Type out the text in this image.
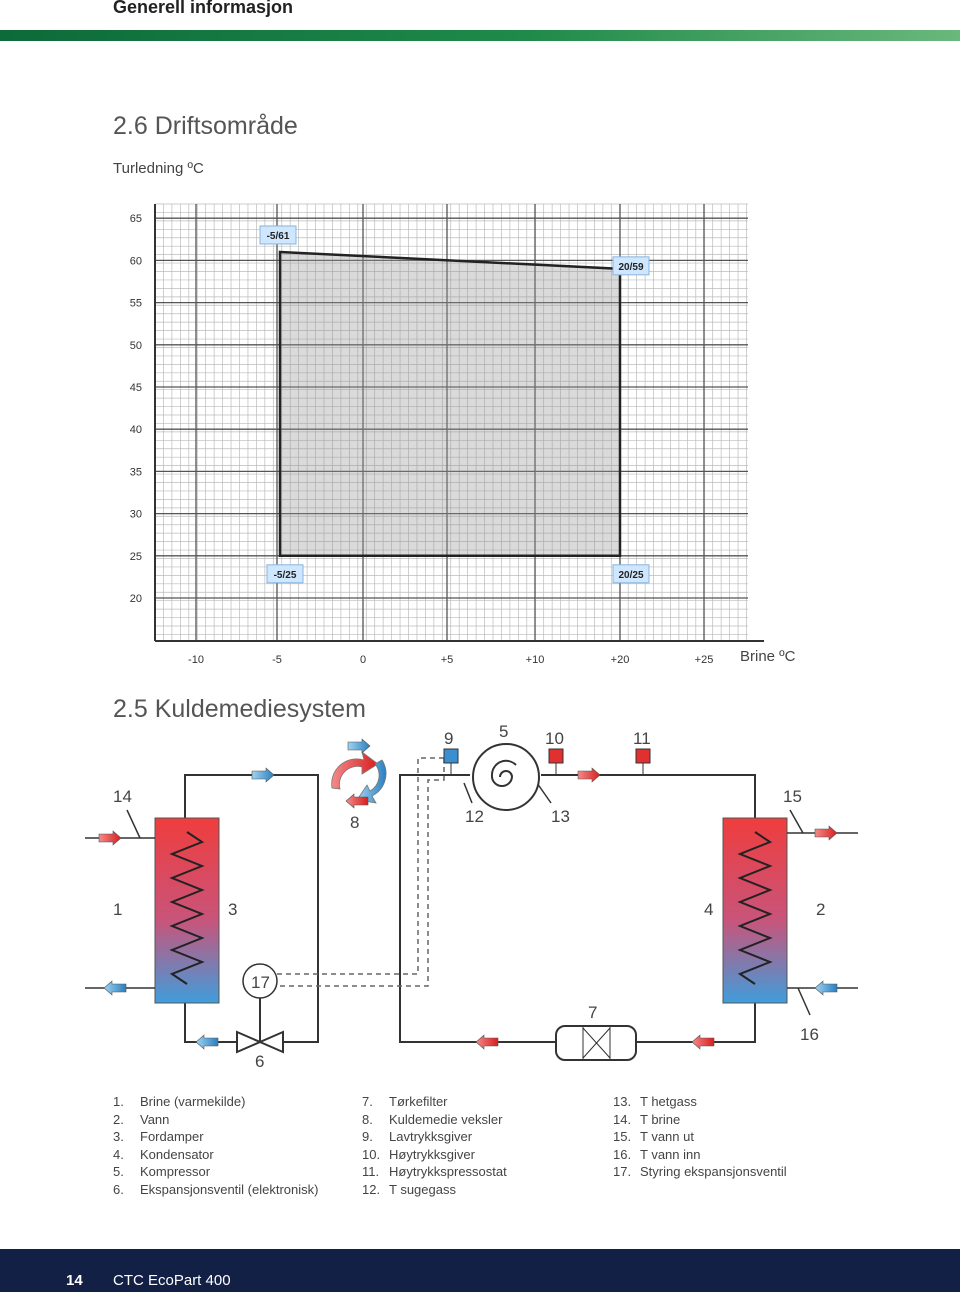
Generell informasjon
2.6 Driftsområde
Turledning ºC
20
25
30
35
40
45
50
55
60
65
-10	-5	0	+5	+10	+20	+25
-5/61
20/59
20/25
-5/25
Brine ºC
2.5 Kuldemediesystem
14
1	3
8
9	5 10	11
12	13
15
4	2
17
7
16
6
1. Brine (varmekilde)
2. Vann
3. Fordamper
4. Kondensator
5. Kompressor
6. Ekspansjonsventil (elektronisk)
7. Tørkefilter
8. Kuldemedie veksler
9. Lavtrykksgiver
10. Høytrykksgiver
11. Høytrykkspressostat
12. T sugegass
13. T hetgass
14. T brine
15. T vann ut
16. T vann inn
17. Styring ekspansjonsventil
14 CTC EcoPart 400
